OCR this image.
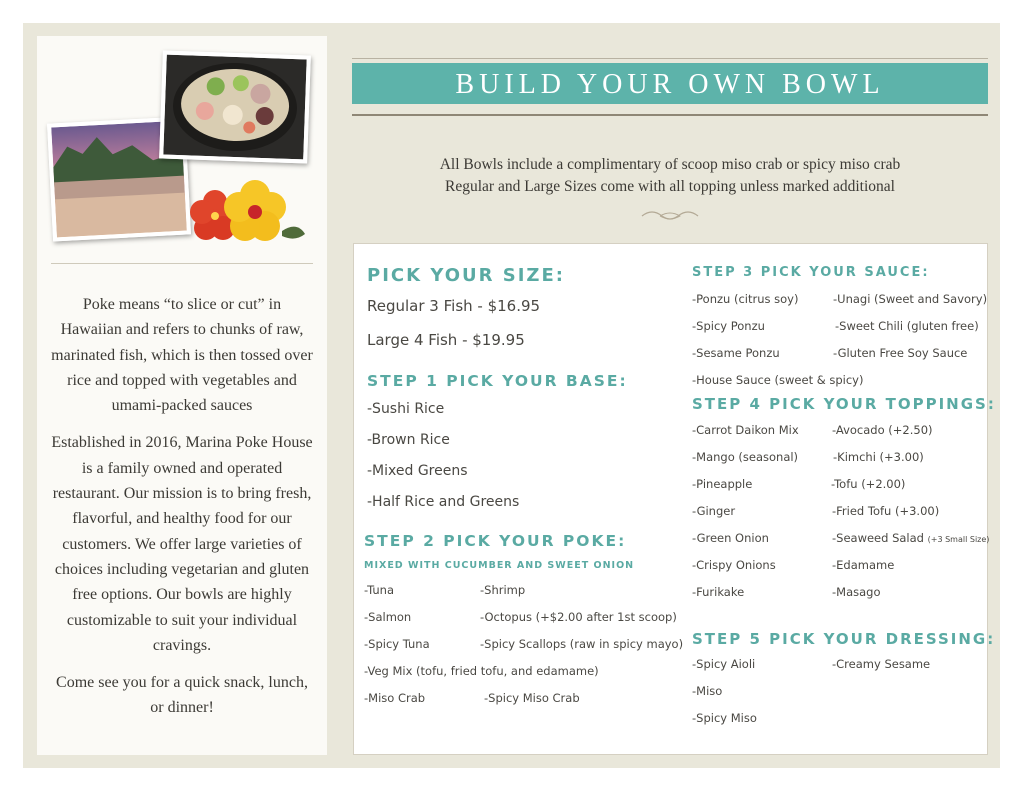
Poke means “to slice or cut” in Hawaiian and refers to chunks of raw, marinated fish, which is then tossed over rice and topped with vegetables and umami-packed sauces

Established in 2016, Marina Poke House is a family owned and operated restaurant. Our mission is to bring fresh, flavorful, and healthy food for our customers. We offer large varieties of choices including vegetarian and gluten free options. Our bowls are highly customizable to suit your individual cravings.

Come see you for a quick snack, lunch, or dinner!

BUILD YOUR OWN BOWL
All Bowls include a complimentary of scoop miso crab or spicy miso crab
Regular and Large Sizes come with all topping unless marked additional
PICK YOUR SIZE:
Regular 3 Fish - $16.95
Large 4 Fish - $19.95
STEP 1 PICK YOUR BASE:
-Sushi Rice
-Brown Rice
-Mixed Greens
-Half Rice and Greens
STEP 2 PICK YOUR POKE:
MIXED WITH CUCUMBER AND SWEET ONION
-Tuna	-Shrimp
-Salmon	-Octopus (+$2.00 after 1st scoop)
-Spicy Tuna	-Spicy Scallops (raw in spicy mayo)
-Veg Mix (tofu, fried tofu, and edamame)
-Miso Crab	-Spicy Miso Crab
STEP 3 PICK YOUR SAUCE:
-Ponzu (citrus soy)	-Unagi (Sweet and Savory)
-Spicy Ponzu	-Sweet Chili (gluten free)
-Sesame Ponzu	-Gluten Free Soy Sauce
-House Sauce (sweet & spicy)
STEP 4 PICK YOUR TOPPINGS:
-Carrot Daikon Mix	-Avocado (+2.50)
-Mango (seasonal)	-Kimchi (+3.00)
-Pineapple	-Tofu (+2.00)
-Ginger	-Fried Tofu (+3.00)
-Green Onion	-Seaweed Salad (+3 Small Size)
-Crispy Onions	-Edamame
-Furikake	-Masago
STEP 5 PICK YOUR DRESSING:
-Spicy Aioli	-Creamy Sesame
-Miso
-Spicy Miso
